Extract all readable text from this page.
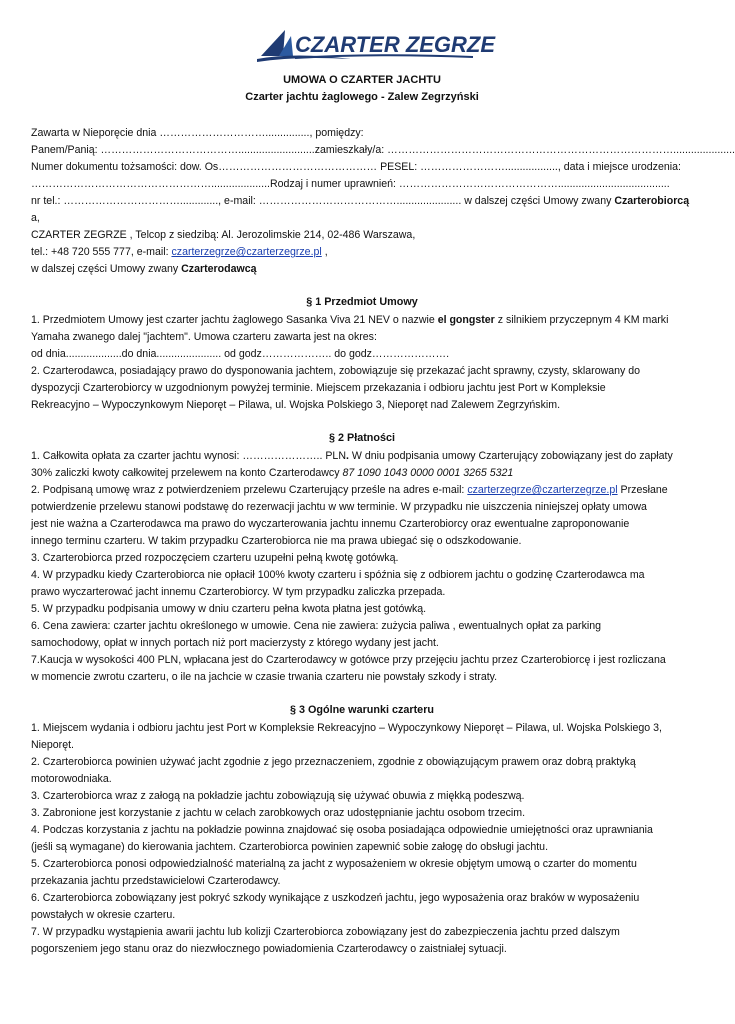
CZARTER ZEGRZE
UMOWA O CZARTER JACHTU
Czarter jachtu żaglowego - Zalew Zegrzyński
Zawarta w Nieporęcie dnia …………………………..............., pomiędzy:
Panem/Panią: …………………………………..........................zamieszkały/a: ……………………………………………………………………….....................
Numer dokumentu tożsamości: dow. Os……………………………………… PESEL: …………………….................., data i miejsce urodzenia:
……………………………………………....................Rodzaj i numer uprawnień: ………………………………………......................................
nr tel.: ……………………………............., e-mail: …………………………………...................... w dalszej części Umowy zwany Czarterobiorcą
a,
CZARTER ZEGRZE , Telcop z siedzibą: Al. Jerozolimskie 214, 02-486 Warszawa,
tel.: +48 720 555 777, e-mail: czarterzegrze@czarterzegrze.pl ,
w dalszej części Umowy zwany Czarterodawcą
§ 1 Przedmiot Umowy
1. Przedmiotem Umowy jest czarter jachtu żaglowego Sasanka Viva 21 NEV o nazwie el gongster z silnikiem przyczepnym 4 KM marki
Yamaha zwanego dalej "jachtem". Umowa czarteru zawarta jest na okres:
od dnia...................do dnia...................... od godz……………….. do godz………………….
2. Czarterodawca, posiadający prawo do dysponowania jachtem, zobowiązuje się przekazać jacht sprawny, czysty, sklarowany do
dyspozycji Czarterobiorcy w uzgodnionym powyżej terminie. Miejscem przekazania i odbioru jachtu jest Port w Kompleksie
Rekreacyjno – Wypoczynkowym Nieporęt – Pilawa, ul. Wojska Polskiego 3, Nieporęt nad Zalewem Zegrzyńskim.
§ 2 Płatności
1. Całkowita opłata za czarter jachtu wynosi: ………………….. PLN. W dniu podpisania umowy Czarterujący zobowiązany jest do zapłaty
30% zaliczki kwoty całkowitej przelewem na konto Czarterodawcy 87 1090 1043 0000 0001 3265 5321
2. Podpisaną umowę wraz z potwierdzeniem przelewu Czarterujący prześle na adres e-mail: czarterzegrze@czarterzegrze.pl Przesłane
potwierdzenie przelewu stanowi podstawę do rezerwacji jachtu w ww terminie. W przypadku nie uiszczenia niniejszej opłaty umowa
jest nie ważna a Czarterodawca ma prawo do wyczarterowania jachtu innemu Czarterobiorcy oraz ewentualne zaproponowanie
innego terminu czarteru. W takim przypadku Czarterobiorca nie ma prawa ubiegać się o odszkodowanie.
3. Czarterobiorca przed rozpoczęciem czarteru uzupełni pełną kwotę gotówką.
4. W przypadku kiedy Czarterobiorca nie opłacił 100% kwoty czarteru i spóźnia się z odbiorem jachtu o godzinę Czarterodawca ma
prawo wyczarterować jacht innemu Czarterobiorcy. W tym przypadku zaliczka przepada.
5. W przypadku podpisania umowy w dniu czarteru pełna kwota płatna jest gotówką.
6. Cena zawiera: czarter jachtu określonego w umowie. Cena nie zawiera: zużycia paliwa , ewentualnych opłat za parking
samochodowy, opłat w innych portach niż port macierzysty z którego wydany jest jacht.
7.Kaucja w wysokości 400 PLN, wpłacana jest do Czarterodawcy w gotówce przy przejęciu jachtu przez Czarterobiorcę i jest rozliczana
w momencie zwrotu czarteru, o ile na jachcie w czasie trwania czarteru nie powstały szkody i straty.
§ 3 Ogólne warunki czarteru
1. Miejscem wydania i odbioru jachtu jest Port w Kompleksie Rekreacyjno – Wypoczynkowy Nieporęt – Pilawa, ul. Wojska Polskiego 3,
Nieporęt.
2. Czarterobiorca powinien używać jacht zgodnie z jego przeznaczeniem, zgodnie z obowiązującym prawem oraz dobrą praktyką
motorowodniaka.
3. Czarterobiorca wraz z załogą na pokładzie jachtu zobowiązują się używać obuwia z miękką podeszwą.
3. Zabronione jest korzystanie z jachtu w celach zarobkowych oraz udostępnianie jachtu osobom trzecim.
4. Podczas korzystania z jachtu na pokładzie powinna znajdować się osoba posiadająca odpowiednie umiejętności oraz uprawniania
(jeśli są wymagane) do kierowania jachtem. Czarterobiorca powinien zapewnić sobie załogę do obsługi jachtu.
5. Czarterobiorca ponosi odpowiedzialność materialną za jacht z wyposażeniem w okresie objętym umową o czarter do momentu
przekazania jachtu przedstawicielowi Czarterodawcy.
6. Czarterobiorca zobowiązany jest pokryć szkody wynikające z uszkodzeń jachtu, jego wyposażenia oraz braków w wyposażeniu
powstałych w okresie czarteru.
7. W przypadku wystąpienia awarii jachtu lub kolizji Czarterobiorca zobowiązany jest do zabezpieczenia jachtu przed dalszym
pogorszeniem jego stanu oraz do niezwłocznego powiadomienia Czarterodawcy o zaistniałej sytuacji.
